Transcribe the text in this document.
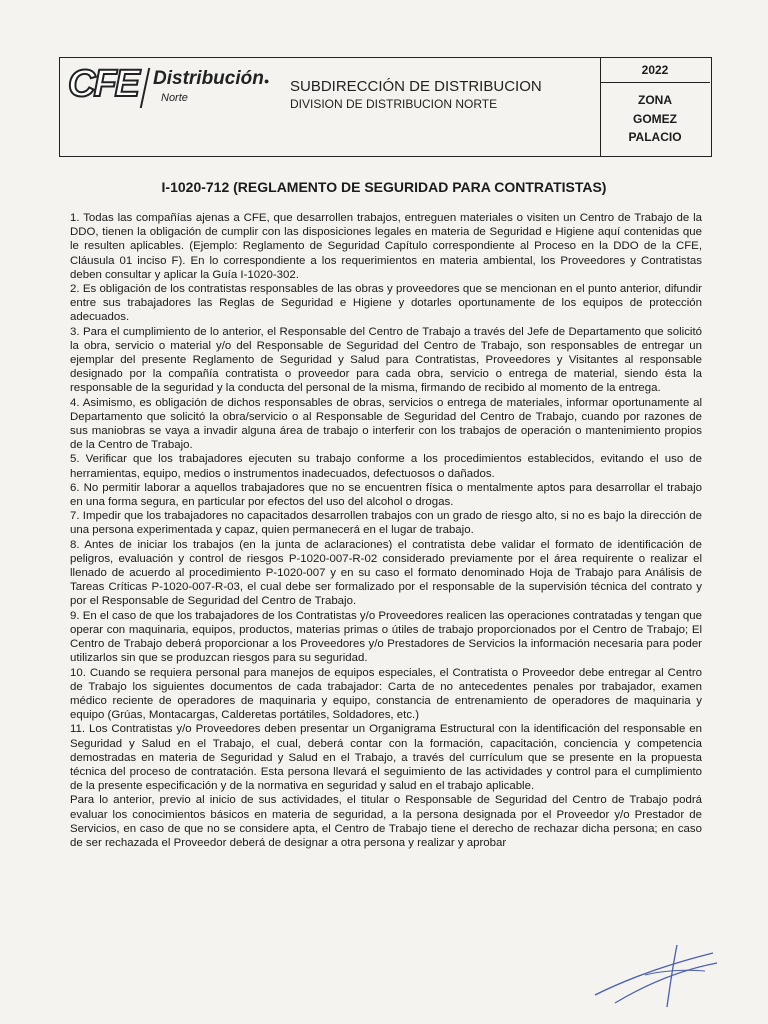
CFE Distribución●
Norte
SUBDIRECCIÓN DE DISTRIBUCION
DIVISION DE DISTRIBUCION NORTE
2022
ZONA
GOMEZ
PALACIO
I-1020-712 (REGLAMENTO DE SEGURIDAD PARA CONTRATISTAS)

1. Todas las compañías ajenas a CFE, que desarrollen trabajos, entreguen materiales o visiten un Centro de Trabajo de la DDO, tienen la obligación de cumplir con las disposiciones legales en materia de Seguridad e Higiene aquí contenidas que le resulten aplicables. (Ejemplo: Reglamento de Seguridad Capítulo correspondiente al Proceso en la DDO de la CFE, Cláusula 01 inciso F). En lo correspondiente a los requerimientos en materia ambiental, los Proveedores y Contratistas deben consultar y aplicar la Guía I-1020-302.

2. Es obligación de los contratistas responsables de las obras y proveedores que se mencionan en el punto anterior, difundir entre sus trabajadores las Reglas de Seguridad e Higiene y dotarles oportunamente de los equipos de protección adecuados.

3. Para el cumplimiento de lo anterior, el Responsable del Centro de Trabajo a través del Jefe de Departamento que solicitó la obra, servicio o material y/o del Responsable de Seguridad del Centro de Trabajo, son responsables de entregar un ejemplar del presente Reglamento de Seguridad y Salud para Contratistas, Proveedores y Visitantes al responsable designado por la compañía contratista o proveedor para cada obra, servicio o entrega de material, siendo ésta la responsable de la seguridad y la conducta del personal de la misma, firmando de recibido al momento de la entrega.

4. Asimismo, es obligación de dichos responsables de obras, servicios o entrega de materiales, informar oportunamente al Departamento que solicitó la obra/servicio o al Responsable de Seguridad del Centro de Trabajo, cuando por razones de sus maniobras se vaya a invadir alguna área de trabajo o interferir con los trabajos de operación o mantenimiento propios de la Centro de Trabajo.

5. Verificar que los trabajadores ejecuten su trabajo conforme a los procedimientos establecidos, evitando el uso de herramientas, equipo, medios o instrumentos inadecuados, defectuosos o dañados.

6. No permitir laborar a aquellos trabajadores que no se encuentren física o mentalmente aptos para desarrollar el trabajo en una forma segura, en particular por efectos del uso del alcohol o drogas.

7. Impedir que los trabajadores no capacitados desarrollen trabajos con un grado de riesgo alto, si no es bajo la dirección de una persona experimentada y capaz, quien permanecerá en el lugar de trabajo.

8. Antes de iniciar los trabajos (en la junta de aclaraciones) el contratista debe validar el formato de identificación de peligros, evaluación y control de riesgos P-1020-007-R-02 considerado previamente por el área requirente o realizar el llenado de acuerdo al procedimiento P-1020-007 y en su caso el formato denominado Hoja de Trabajo para Análisis de Tareas Críticas P-1020-007-R-03, el cual debe ser formalizado por el responsable de la supervisión técnica del contrato y por el Responsable de Seguridad del Centro de Trabajo.

9. En el caso de que los trabajadores de los Contratistas y/o Proveedores realicen las operaciones contratadas y tengan que operar con maquinaria, equipos, productos, materias primas o útiles de trabajo proporcionados por el Centro de Trabajo; El Centro de Trabajo deberá proporcionar a los Proveedores y/o Prestadores de Servicios la información necesaria para poder utilizarlos sin que se produzcan riesgos para su seguridad.

10. Cuando se requiera personal para manejos de equipos especiales, el Contratista o Proveedor debe entregar al Centro de Trabajo los siguientes documentos de cada trabajador: Carta de no antecedentes penales por trabajador, examen médico reciente de operadores de maquinaria y equipo, constancia de entrenamiento de operadores de maquinaria y equipo (Grúas, Montacargas, Calderetas portátiles, Soldadores, etc.)

11. Los Contratistas y/o Proveedores deben presentar un Organigrama Estructural con la identificación del responsable en Seguridad y Salud en el Trabajo, el cual, deberá contar con la formación, capacitación, conciencia y competencia demostradas en materia de Seguridad y Salud en el Trabajo, a través del currículum que se presente en la propuesta técnica del proceso de contratación. Esta persona llevará el seguimiento de las actividades y control para el cumplimiento de la presente especificación y de la normativa en seguridad y salud en el trabajo aplicable.

Para lo anterior, previo al inicio de sus actividades, el titular o Responsable de Seguridad del Centro de Trabajo podrá evaluar los conocimientos básicos en materia de seguridad, a la persona designada por el Proveedor y/o Prestador de Servicios, en caso de que no se considere apta, el Centro de Trabajo tiene el derecho de rechazar dicha persona; en caso de ser rechazada el Proveedor deberá de designar a otra persona y realizar y aprobar
